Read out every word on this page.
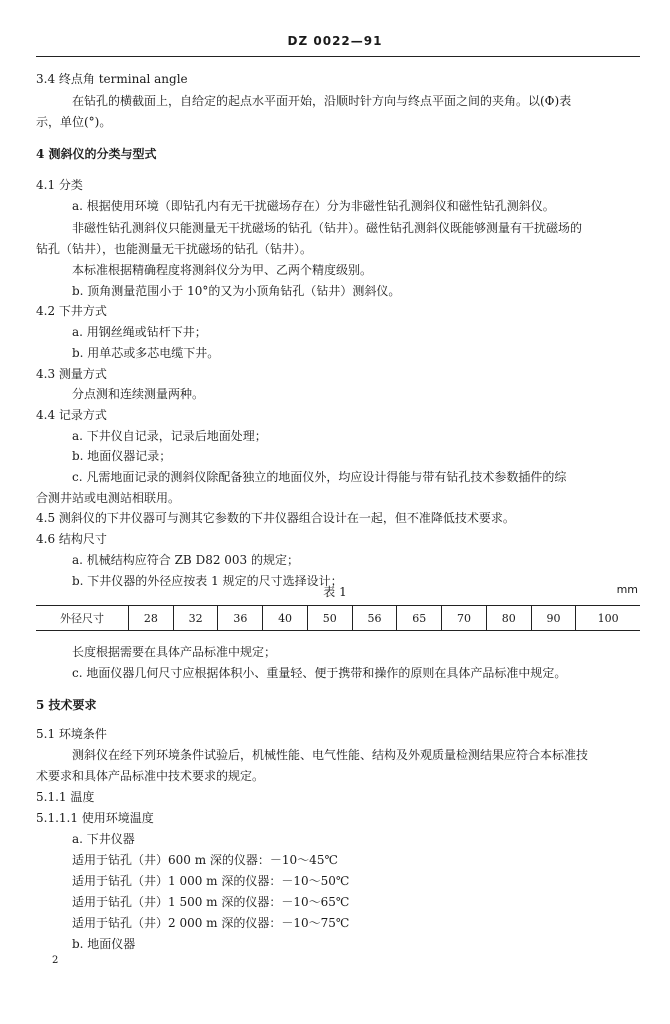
DZ 0022—91
3.4 终点角 terminal angle
在钻孔的横截面上，自给定的起点水平面开始，沿顺时针方向与终点平面之间的夹角。以(Φ)表
示，单位(°)。
4 测斜仪的分类与型式
4.1 分类
a. 根据使用环境（即钻孔内有无干扰磁场存在）分为非磁性钻孔测斜仪和磁性钻孔测斜仪。
非磁性钻孔测斜仪只能测量无干扰磁场的钻孔（钻井）。磁性钻孔测斜仪既能够测量有干扰磁场的
钻孔（钻井），也能测量无干扰磁场的钻孔（钻井）。
本标准根据精确程度将测斜仪分为甲、乙两个精度级别。
b. 顶角测量范围小于 10°的又为小顶角钻孔（钻井）测斜仪。
4.2 下井方式
a. 用钢丝绳或钻杆下井；
b. 用单芯或多芯电缆下井。
4.3 测量方式
分点测和连续测量两种。
4.4 记录方式
a. 下井仪自记录，记录后地面处理；
b. 地面仪器记录；
c. 凡需地面记录的测斜仪除配备独立的地面仪外，均应设计得能与带有钻孔技术参数插件的综
合测井站或电测站相联用。
4.5 测斜仪的下井仪器可与测其它参数的下井仪器组合设计在一起，但不准降低技术要求。
4.6 结构尺寸
a. 机械结构应符合 ZB D82 003 的规定；
b. 下井仪器的外径应按表 1 规定的尺寸选择设计；
长度根据需要在具体产品标准中规定；
c. 地面仪器几何尺寸应根据体积小、重量轻、便于携带和操作的原则在具体产品标准中规定。
5 技术要求
5.1 环境条件
测斜仪在经下列环境条件试验后，机械性能、电气性能、结构及外观质量检测结果应符合本标准技
术要求和具体产品标准中技术要求的规定。
5.1.1 温度
5.1.1.1 使用环境温度
a. 下井仪器
适用于钻孔（井）600 m 深的仪器：－10～45℃
适用于钻孔（井）1 000 m 深的仪器：－10～50℃
适用于钻孔（井）1 500 m 深的仪器：－10～65℃
适用于钻孔（井）2 000 m 深的仪器：－10～75℃
b. 地面仪器
表 1	mm
外径尺寸	28	32	36	40	50	56	65	70	80	90	100
2
